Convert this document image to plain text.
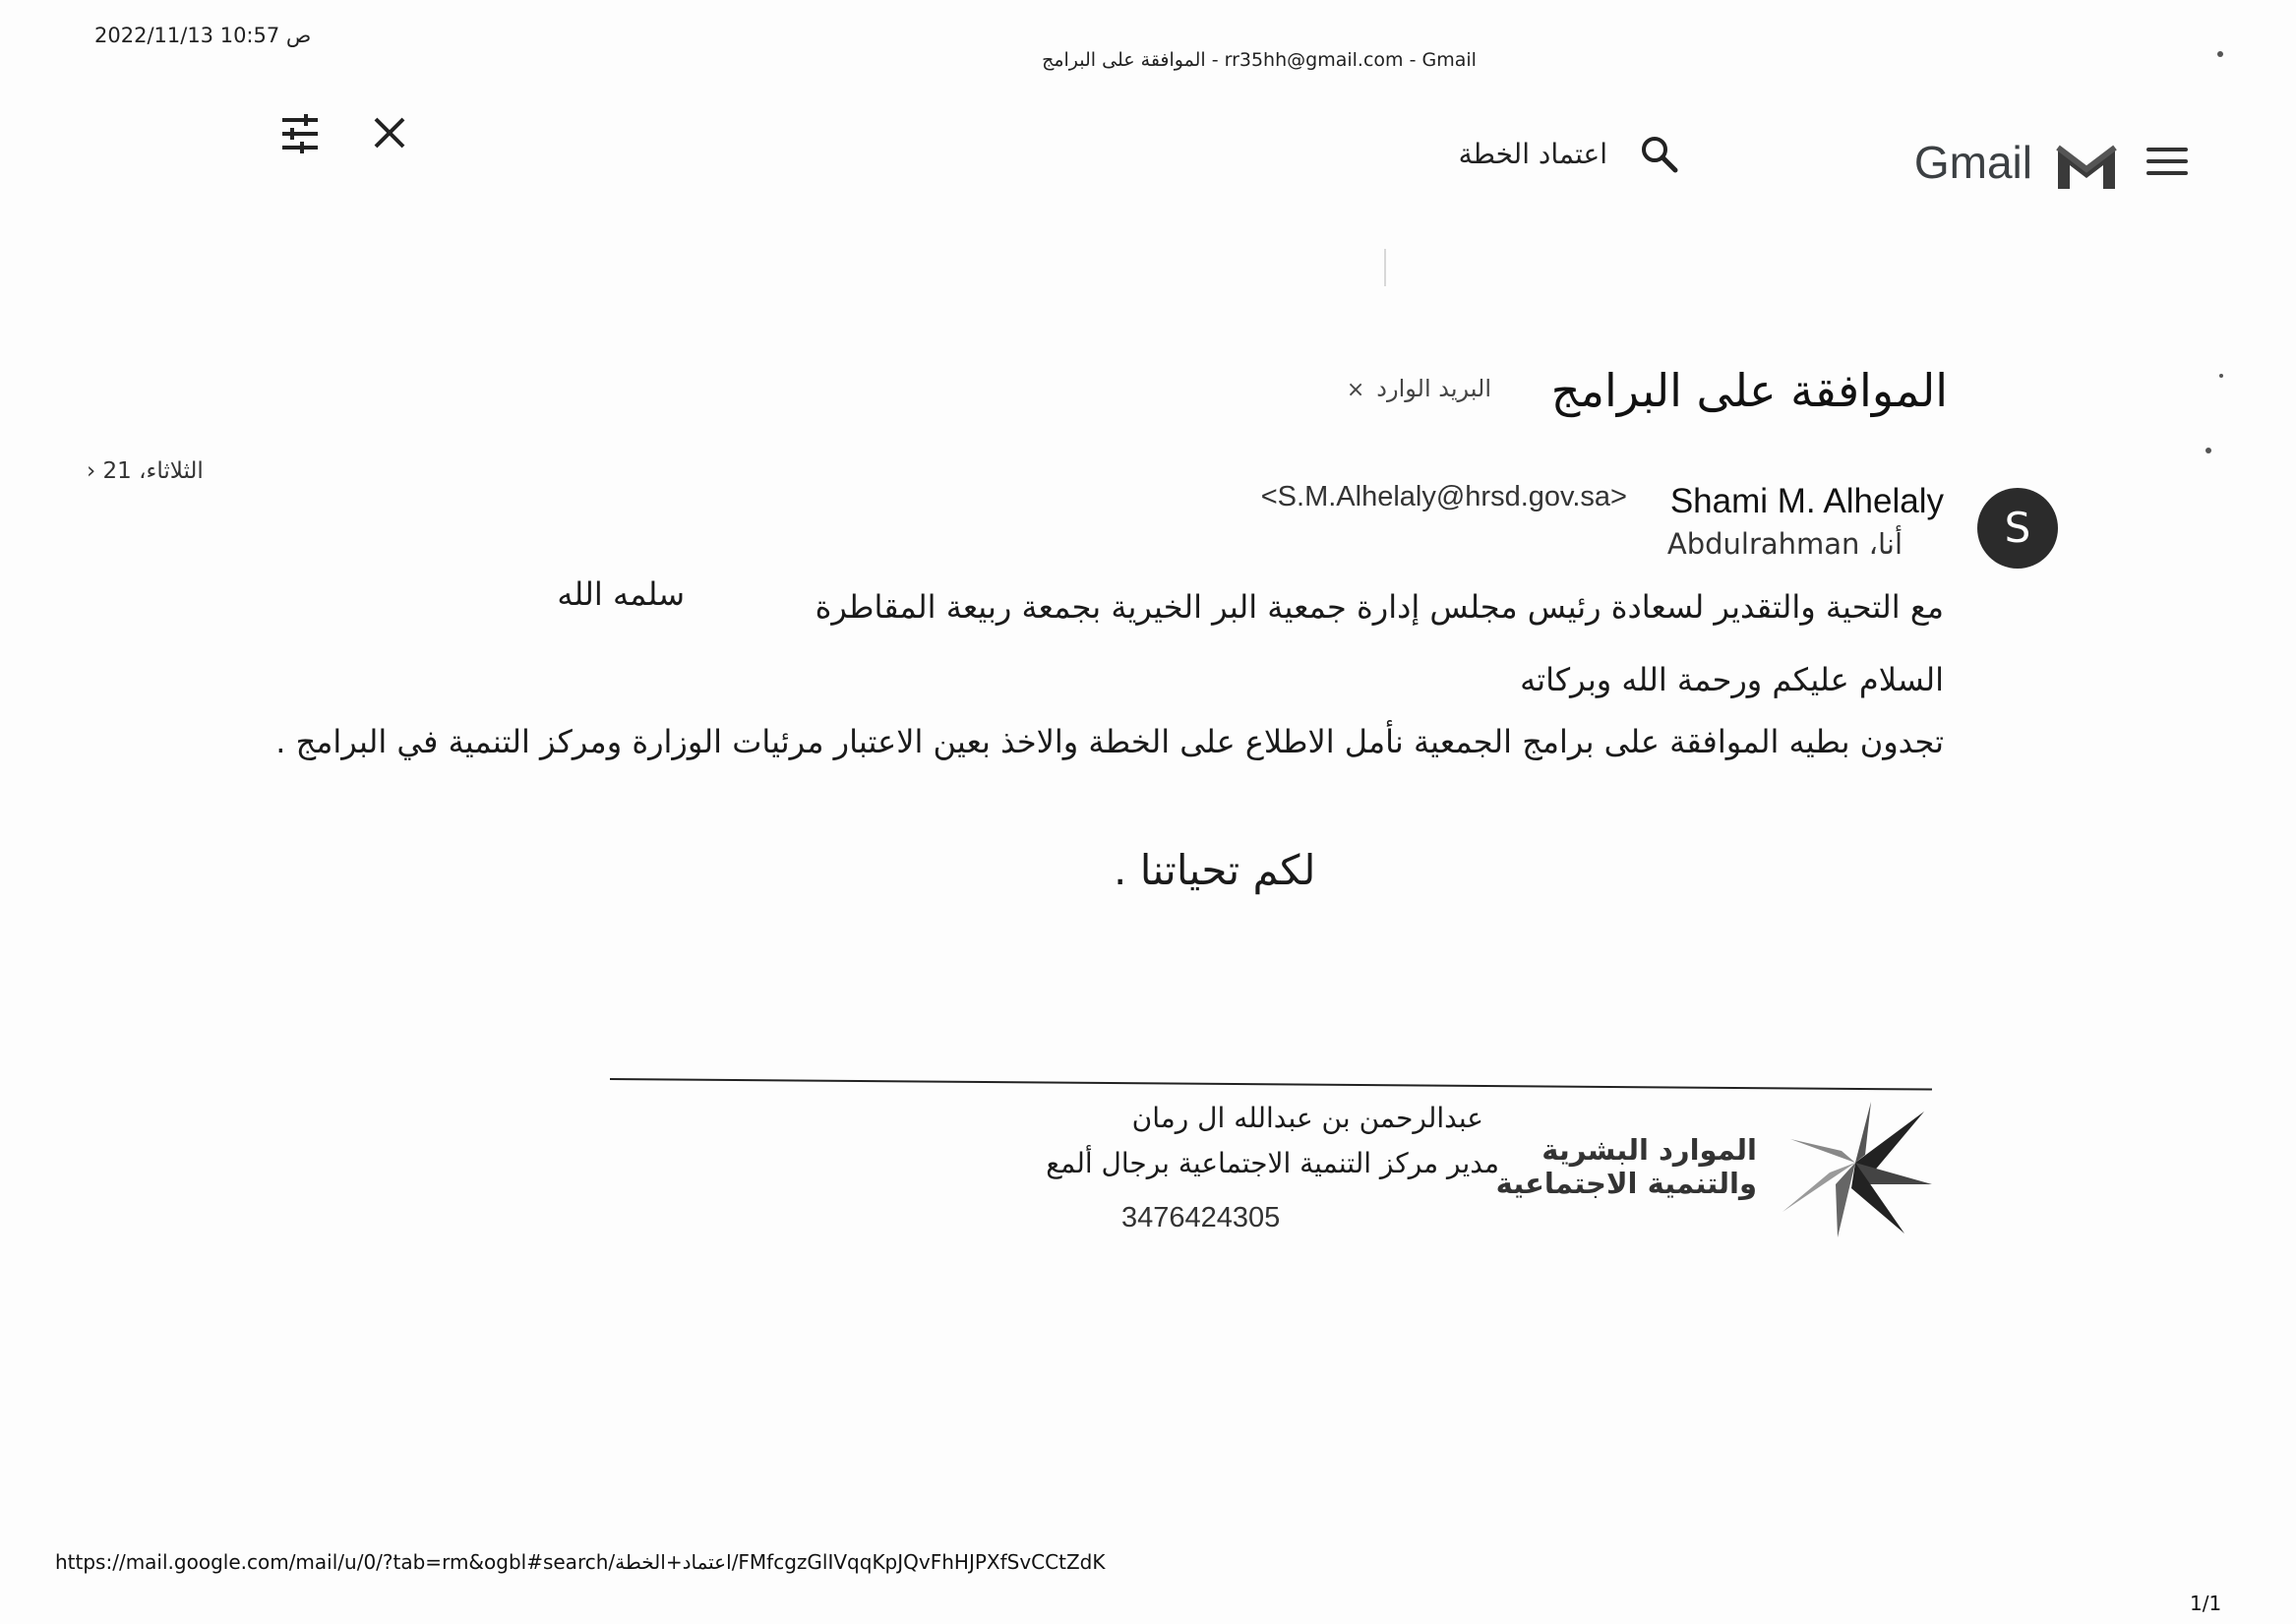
2022/11/13 10:57 ص
الموافقة على البرامج - rr35hh@gmail.com - Gmail
Gmail
اعتماد الخطة
الموافقة على البرامج
البريد الوارد×
S
Shami M. Alhelaly
<S.M.Alhelaly@hrsd.gov.sa>
أنا، Abdulrahman
الثلاثاء، 21 ‹
مع التحية والتقدير لسعادة رئيس مجلس إدارة جمعية البر الخيرية بجمعة ربيعة المقاطرة
سلمه الله
السلام عليكم ورحمة الله وبركاته
تجدون بطيه الموافقة على برامج الجمعية نأمل الاطلاع على الخطة والاخذ بعين الاعتبار مرئيات الوزارة ومركز التنمية في البرامج .
لكم تحياتنا .
عبدالرحمن بن عبدالله ال رمان
مدير مركز التنمية الاجتماعية برجال ألمع
3476424305
الموارد البشرية
والتنمية الاجتماعية
https://mail.google.com/mail/u/0/?tab=rm&ogbl#search/اعتماد+الخطة/FMfcgzGlIVqqKpJQvFhHJPXfSvCCtZdK
1/1
